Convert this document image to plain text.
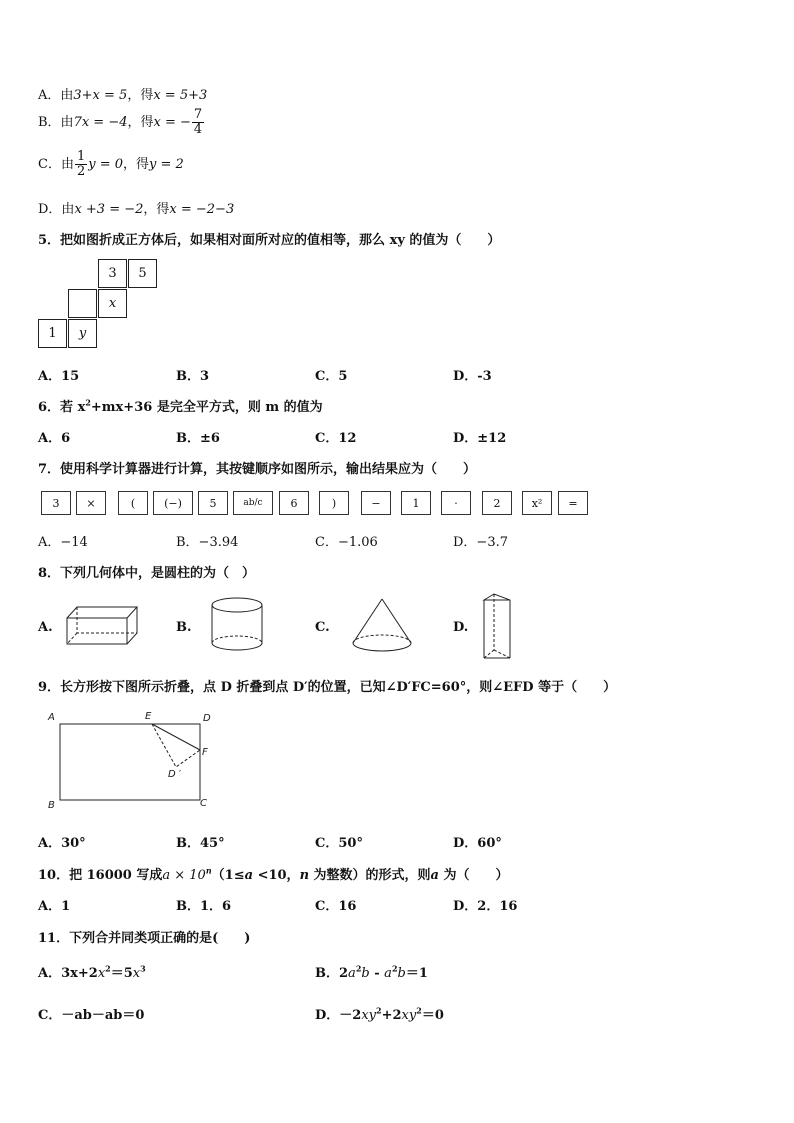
A．由3+x = 5，得x = 5+3
B．由7x = −4，得x = − $\frac{7}{4}$
C．由 $\frac{1}{2}$ y = 0，得y = 2
D．由x +3 = −2，得x = −2−3
5．把如图折成正方体后，如果相对面所对应的值相等，那么 xy 的值为（　　）
3	5
x
1	y
A．15	B．3	C．5	D．-3
6．若 $x^2+mx+36$ 是完全平方式，则 m 的值为
A．6	B．±6	C．12	D．±12
7．使用科学计算器进行计算，其按键顺序如图所示，输出结果应为（　　）
3	×	(	(−)	5	ab/c	6	)	−	1	·	2	x²	=
A．−14	B．−3.94	C．−1.06	D．−3.7
8．下列几何体中，是圆柱的为（　）
A.	B.	C.	D.
9．长方形按下图所示折叠，点 D 折叠到点 D′的位置，已知∠D′FC=60°，则∠EFD 等于（　　）
A	E	D
F
D ′
B	C
A．30°	B．45°	C．50°	D．60°
10．把 16000 写成$a \times 10^n(1\le a <10$，n 为整数）的形式，则a 为（　　）
A．1	B．1．6	C．16	D．2．16
11．下列合并同类项正确的是(　　)
A．$3x+2x^2=5x^3$	B．$2a^2b - a^2b=1$
C．－ab－ab＝0	D．$-2xy^2+2xy^2=0$
